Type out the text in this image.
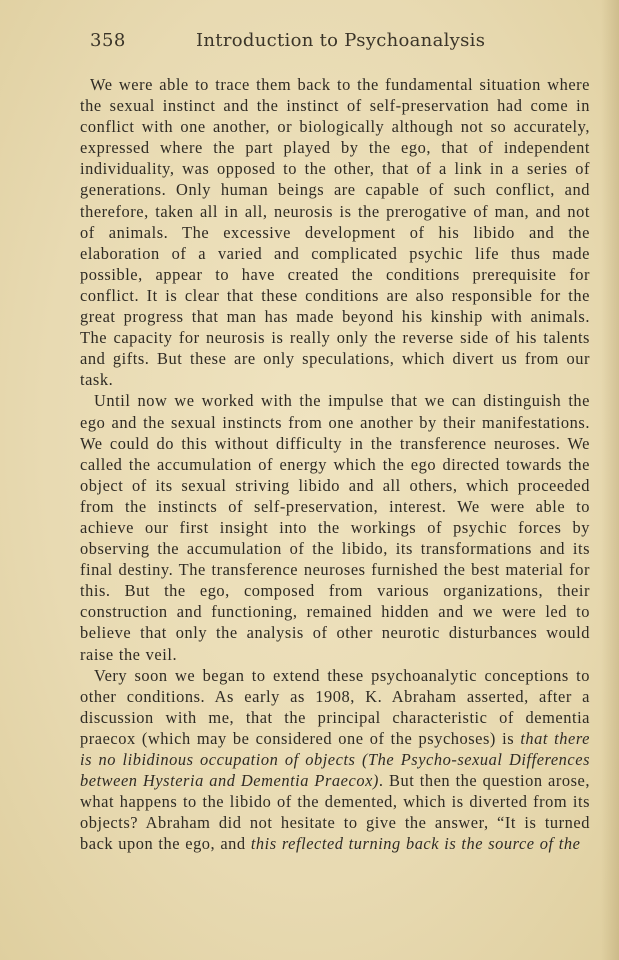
358	Introduction to Psychoanalysis

We were able to trace them back to the fundamental situation where the sexual instinct and the instinct of self-preservation had come in conflict with one another, or biologically although not so accurately, expressed where the part played by the ego, that of independent individuality, was opposed to the other, that of a link in a series of generations. Only human beings are capable of such conflict, and therefore, taken all in all, neurosis is the prerogative of man, and not of animals. The excessive development of his libido and the elaboration of a varied and complicated psychic life thus made possible, appear to have created the conditions prerequisite for conflict. It is clear that these conditions are also responsible for the great progress that man has made beyond his kinship with animals. The capacity for neurosis is really only the reverse side of his talents and gifts. But these are only speculations, which divert us from our task.

Until now we worked with the impulse that we can distinguish the ego and the sexual instincts from one another by their manifestations. We could do this without difficulty in the transference neuroses. We called the accumulation of energy which the ego directed towards the object of its sexual striving libido and all others, which proceeded from the instincts of self-preservation, interest. We were able to achieve our first insight into the workings of psychic forces by observing the accumulation of the libido, its transformations and its final destiny. The transference neuroses furnished the best material for this. But the ego, composed from various organizations, their construction and functioning, remained hidden and we were led to believe that only the analysis of other neurotic disturbances would raise the veil.

Very soon we began to extend these psychoanalytic conceptions to other conditions. As early as 1908, K. Abraham asserted, after a discussion with me, that the principal characteristic of dementia praecox (which may be considered one of the psychoses) is that there is no libidinous occupation of objects (The Psycho-sexual Differences between Hysteria and Dementia Praecox). But then the question arose, what happens to the libido of the demented, which is diverted from its objects? Abraham did not hesitate to give the answer, “It is turned back upon the ego, and this reflected turning back is the source of the
